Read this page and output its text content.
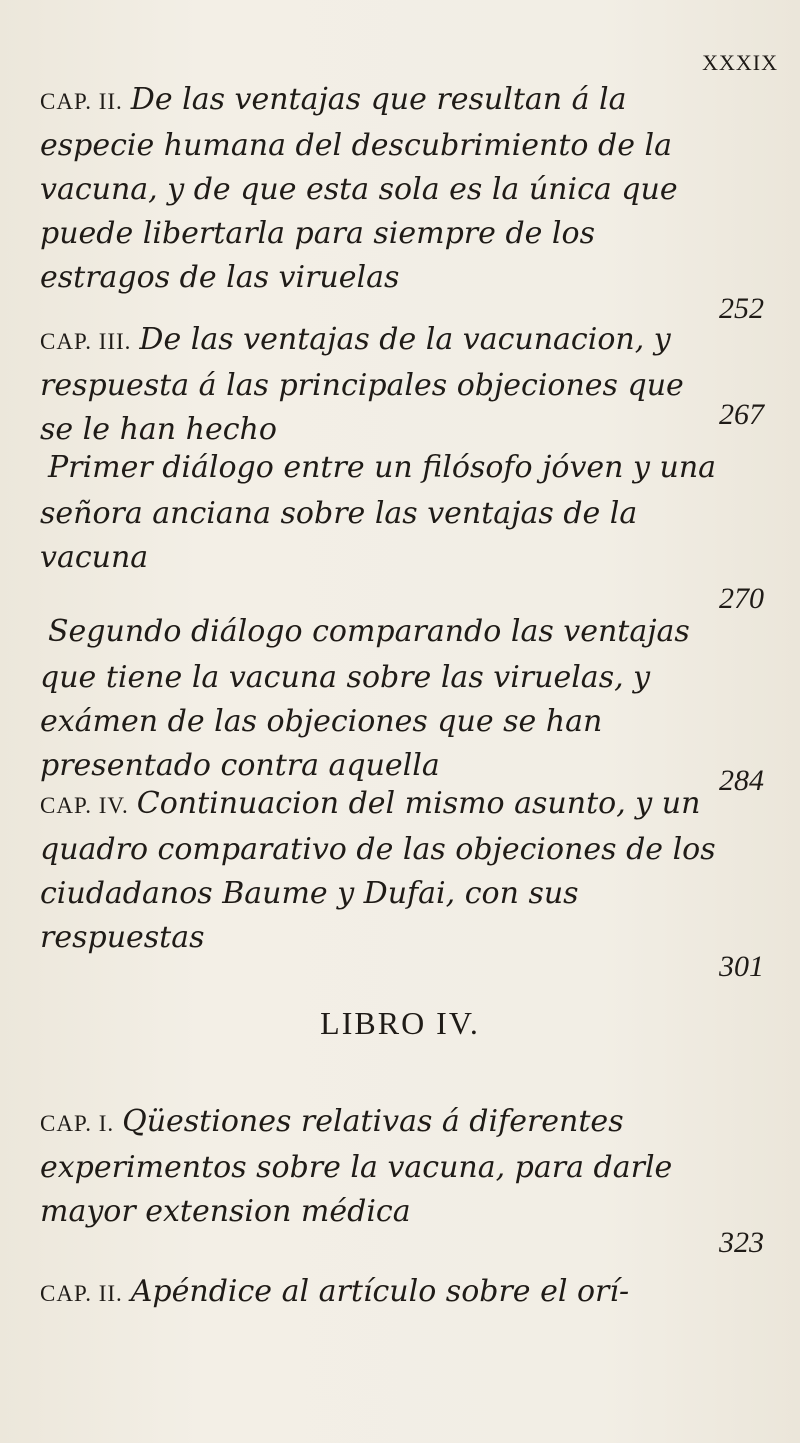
XXXIX
CAP. II. De las ventajas que resultan á la especie humana del descubrimiento de la vacuna, y de que esta sola es la única que puede libertarla para siempre de los estragos de las viruelas
252
CAP. III. De las ventajas de la vacunacion, y respuesta á las principales objeciones que se le han hecho	267
Primer diálogo entre un filósofo jóven y una señora anciana sobre las ventajas de la vacuna
270
Segundo diálogo comparando las ventajas que tiene la vacuna sobre las viruelas, y exámen de las objeciones que se han presentado contra aquella	284
CAP. IV. Continuacion del mismo asunto, y un quadro comparativo de las objeciones de los ciudadanos Baume y Dufai, con sus respuestas
301
LIBRO IV.
CAP. I. Qüestiones relativas á diferentes experimentos sobre la vacuna, para darle mayor extension médica
323
CAP. II. Apéndice al artículo sobre el orí-
